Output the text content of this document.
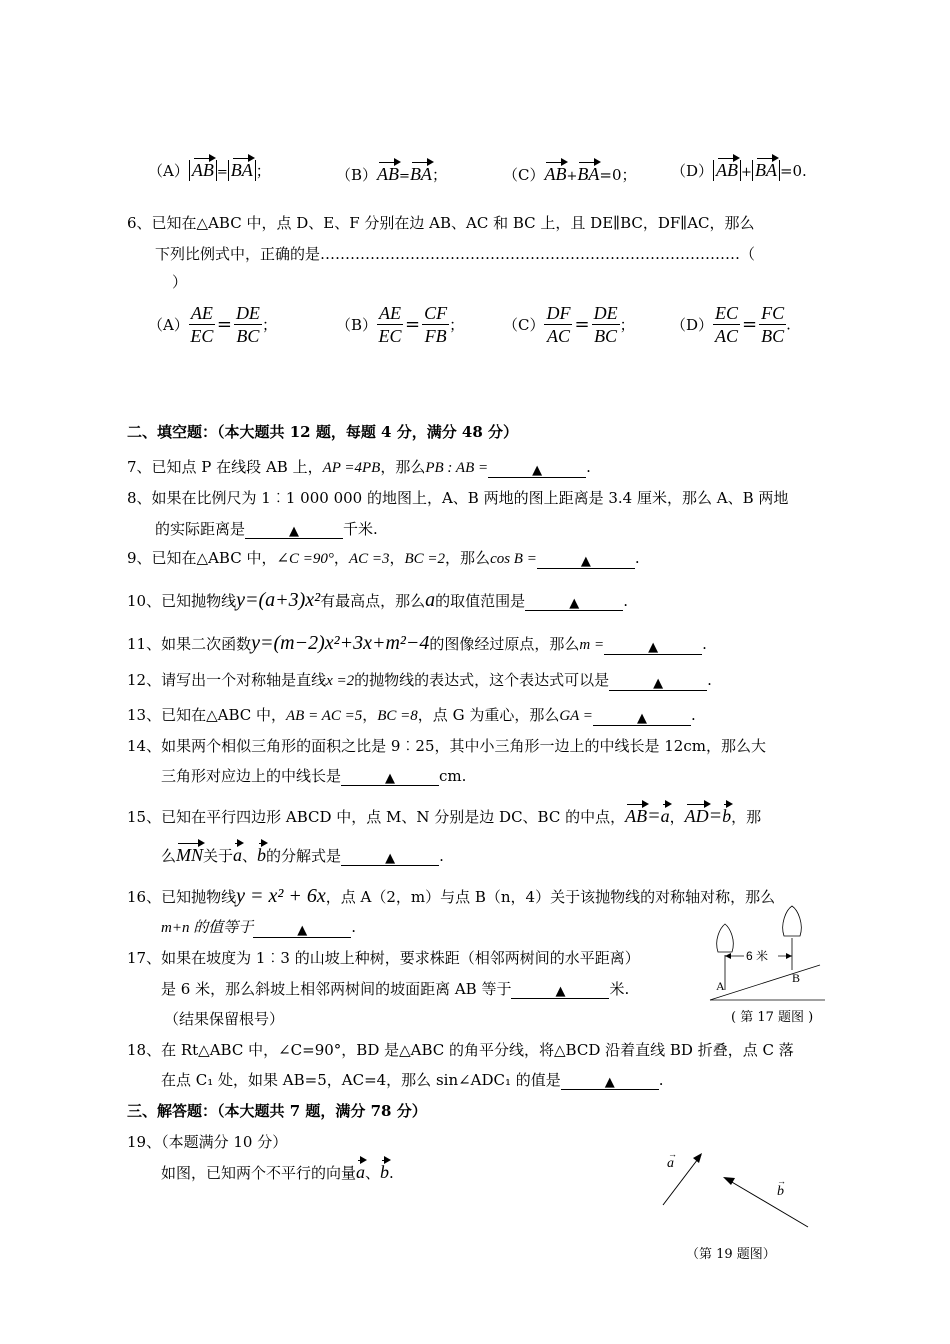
（A） AB = BA ；	（B）AB=BA；	（C）AB+BA=0； （D） AB + BA =0.
6、已知在△ABC 中，点 D、E、F 分别在边 AB、AC 和 BC 上，且 DE∥BC，DF∥AC，那么
下列比例式中，正确的是…………………………………………………………………………（
）
$(A) \frac{AE}{EC} = \frac{DE}{BC}$ ；	$(B) \frac{AE}{EC} = \frac{CF}{FB}$ ；	$(C) \frac{DF}{AC} = \frac{DE}{BC}$ ； $(D) \frac{EC}{AC} = \frac{FC}{BC}$ .
二、填空题：（本大题共 12 题，每题 4 分，满分 48 分）
7、已知点 P 在线段 AB 上，AP =4PB，那么PB : AB =	▲	.
8、如果在比例尺为 1︰1 000 000 的地图上，A、B 两地的图上距离是 3.4 厘米，那么 A、B 两地
的实际距离是	▲	千米.
9、已知在△ABC 中，∠C =90°，AC =3，BC =2，那么cos B =	▲	.
10、已知抛物线y=(a+3)x²有最高点，那么a的取值范围是	▲	.
11、如果二次函数y=(m−2)x²+3x+m²−4的图像经过原点，那么m =	▲	.
12、请写出一个对称轴是直线x =2的抛物线的表达式，这个表达式可以是	▲	.
13、已知在△ABC 中，AB = AC =5，BC =8，点 G 为重心，那么GA =	▲	.
14、如果两个相似三角形的面积之比是 9︰25，其中小三角形一边上的中线长是 12cm，那么大
三角形对应边上的中线长是	▲	cm.
15、已知在平行四边形 ABCD 中，点 M、N 分别是边 DC、BC 的中点，AB=a，AD=b，那
么MN关于a、b的分解式是	▲	.
16、已知抛物线y = x² + 6x，点 A（2，m）与点 B（n，4）关于该抛物线的对称轴对称，那么
m+n 的值等于	▲	.
17、如果在坡度为 1︰3 的山坡上种树，要求株距（相邻两树间的水平距离）
是 6 米，那么斜坡上相邻两树间的坡面距离 AB 等于	▲	米.
（结果保留根号）
A
B
6 米
( 第 17 题图 )
18、在 Rt△ABC 中，∠C=90°，BD 是△ABC 的角平分线，将△BCD 沿着直线 BD 折叠，点 C 落
在点 C₁ 处，如果 AB=5，AC=4，那么 sin∠ADC₁ 的值是	▲	.
三、解答题：（本大题共 7 题，满分 78 分）
19、（本题满分 10 分）
如图，已知两个不平行的向量a、b.
a
→
b
→
（第 19 题图）
